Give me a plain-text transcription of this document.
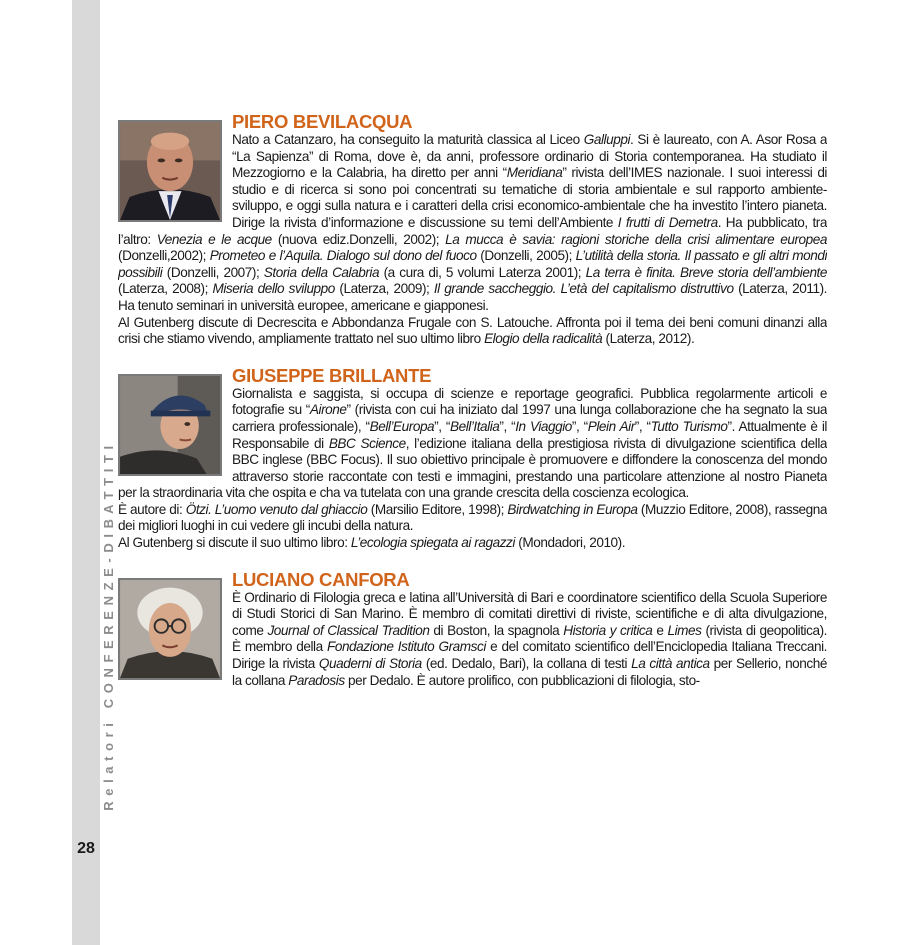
R e l a t o r i   C O N F E R E N Z E - D I B A T T I T I

28
PIERO BEVILACQUA

Nato a Catanzaro, ha conseguito la maturità classica al Liceo Galluppi. Si è laureato, con A. Asor Rosa a “La Sapienza” di Roma, dove è, da anni, professore ordinario di Storia contemporanea. Ha studiato il Mezzogiorno e la Calabria, ha diretto per anni “Meridiana” rivista dell’IMES nazionale. I suoi interessi di studio e di ricerca si sono poi concentrati su tematiche di storia ambientale e sul rapporto ambiente-sviluppo, e oggi sulla natura e i caratteri della crisi economico-ambientale che ha investito l’intero pianeta. Dirige la rivista d’informazione e discussione su temi dell’Ambiente I frutti di Demetra. Ha pubblicato, tra l’altro: Venezia e le acque (nuova ediz.Donzelli, 2002); La mucca è savia: ragioni storiche della crisi alimentare europea (Donzelli,2002); Prometeo e l’Aquila. Dialogo sul dono del fuoco (Donzelli, 2005); L’utilità della storia. Il passato e gli altri mondi possibili (Donzelli, 2007); Storia della Calabria (a cura di, 5 volumi Laterza 2001); La terra è finita. Breve storia dell’ambiente (Laterza, 2008); Miseria dello sviluppo (Laterza, 2009); Il grande saccheggio. L’età del capitalismo distruttivo (Laterza, 2011). Ha tenuto seminari in università europee, americane e giapponesi.

Al Gutenberg discute di Decrescita e Abbondanza Frugale con S. Latouche. Affronta poi il tema dei beni comuni dinanzi alla crisi che stiamo vivendo, ampliamente trattato nel suo ultimo libro Elogio della radicalità (Laterza, 2012).

GIUSEPPE BRILLANTE

Giornalista e saggista, si occupa di scienze e reportage geografici. Pubblica regolarmente articoli e fotografie su “Airone” (rivista con cui ha iniziato dal 1997 una lunga collaborazione che ha segnato la sua carriera professionale), “Bell’Europa”, “Bell’Italia”, “In Viaggio”, “Plein Air”, “Tutto Turismo”. Attualmente è il Responsabile di BBC Science, l’edizione italiana della prestigiosa rivista di divulgazione scientifica della BBC inglese (BBC Focus). Il suo obiettivo principale è promuovere e diffondere la conoscenza del mondo attraverso storie raccontate con testi e immagini, prestando una particolare attenzione al nostro Pianeta per la straordinaria vita che ospita e cha va tutelata con una grande crescita della coscienza ecologica.

È autore di: Ötzi. L’uomo venuto dal ghiaccio (Marsilio Editore, 1998); Birdwatching in Europa (Muzzio Editore, 2008), rassegna dei migliori luoghi in cui vedere gli incubi della natura.

Al Gutenberg si discute il suo ultimo libro: L’ecologia spiegata ai ragazzi (Mondadori, 2010).

LUCIANO CANFORA

È Ordinario di Filologia greca e latina all’Università di Bari e coordinatore scientifico della Scuola Superiore di Studi Storici di San Marino. È membro di comitati direttivi di riviste, scientifiche e di alta divulgazione, come Journal of Classical Tradition di Boston, la spagnola Historia y critica e Limes (rivista di geopolitica). È membro della Fondazione Istituto Gramsci e del comitato scientifico dell’Enciclopedia Italiana Treccani. Dirige la rivista Quaderni di Storia (ed. Dedalo, Bari), la collana di testi La città antica per Sellerio, nonché la collana Paradosis per Dedalo. È autore prolifico, con pubblicazioni di filologia, sto-
